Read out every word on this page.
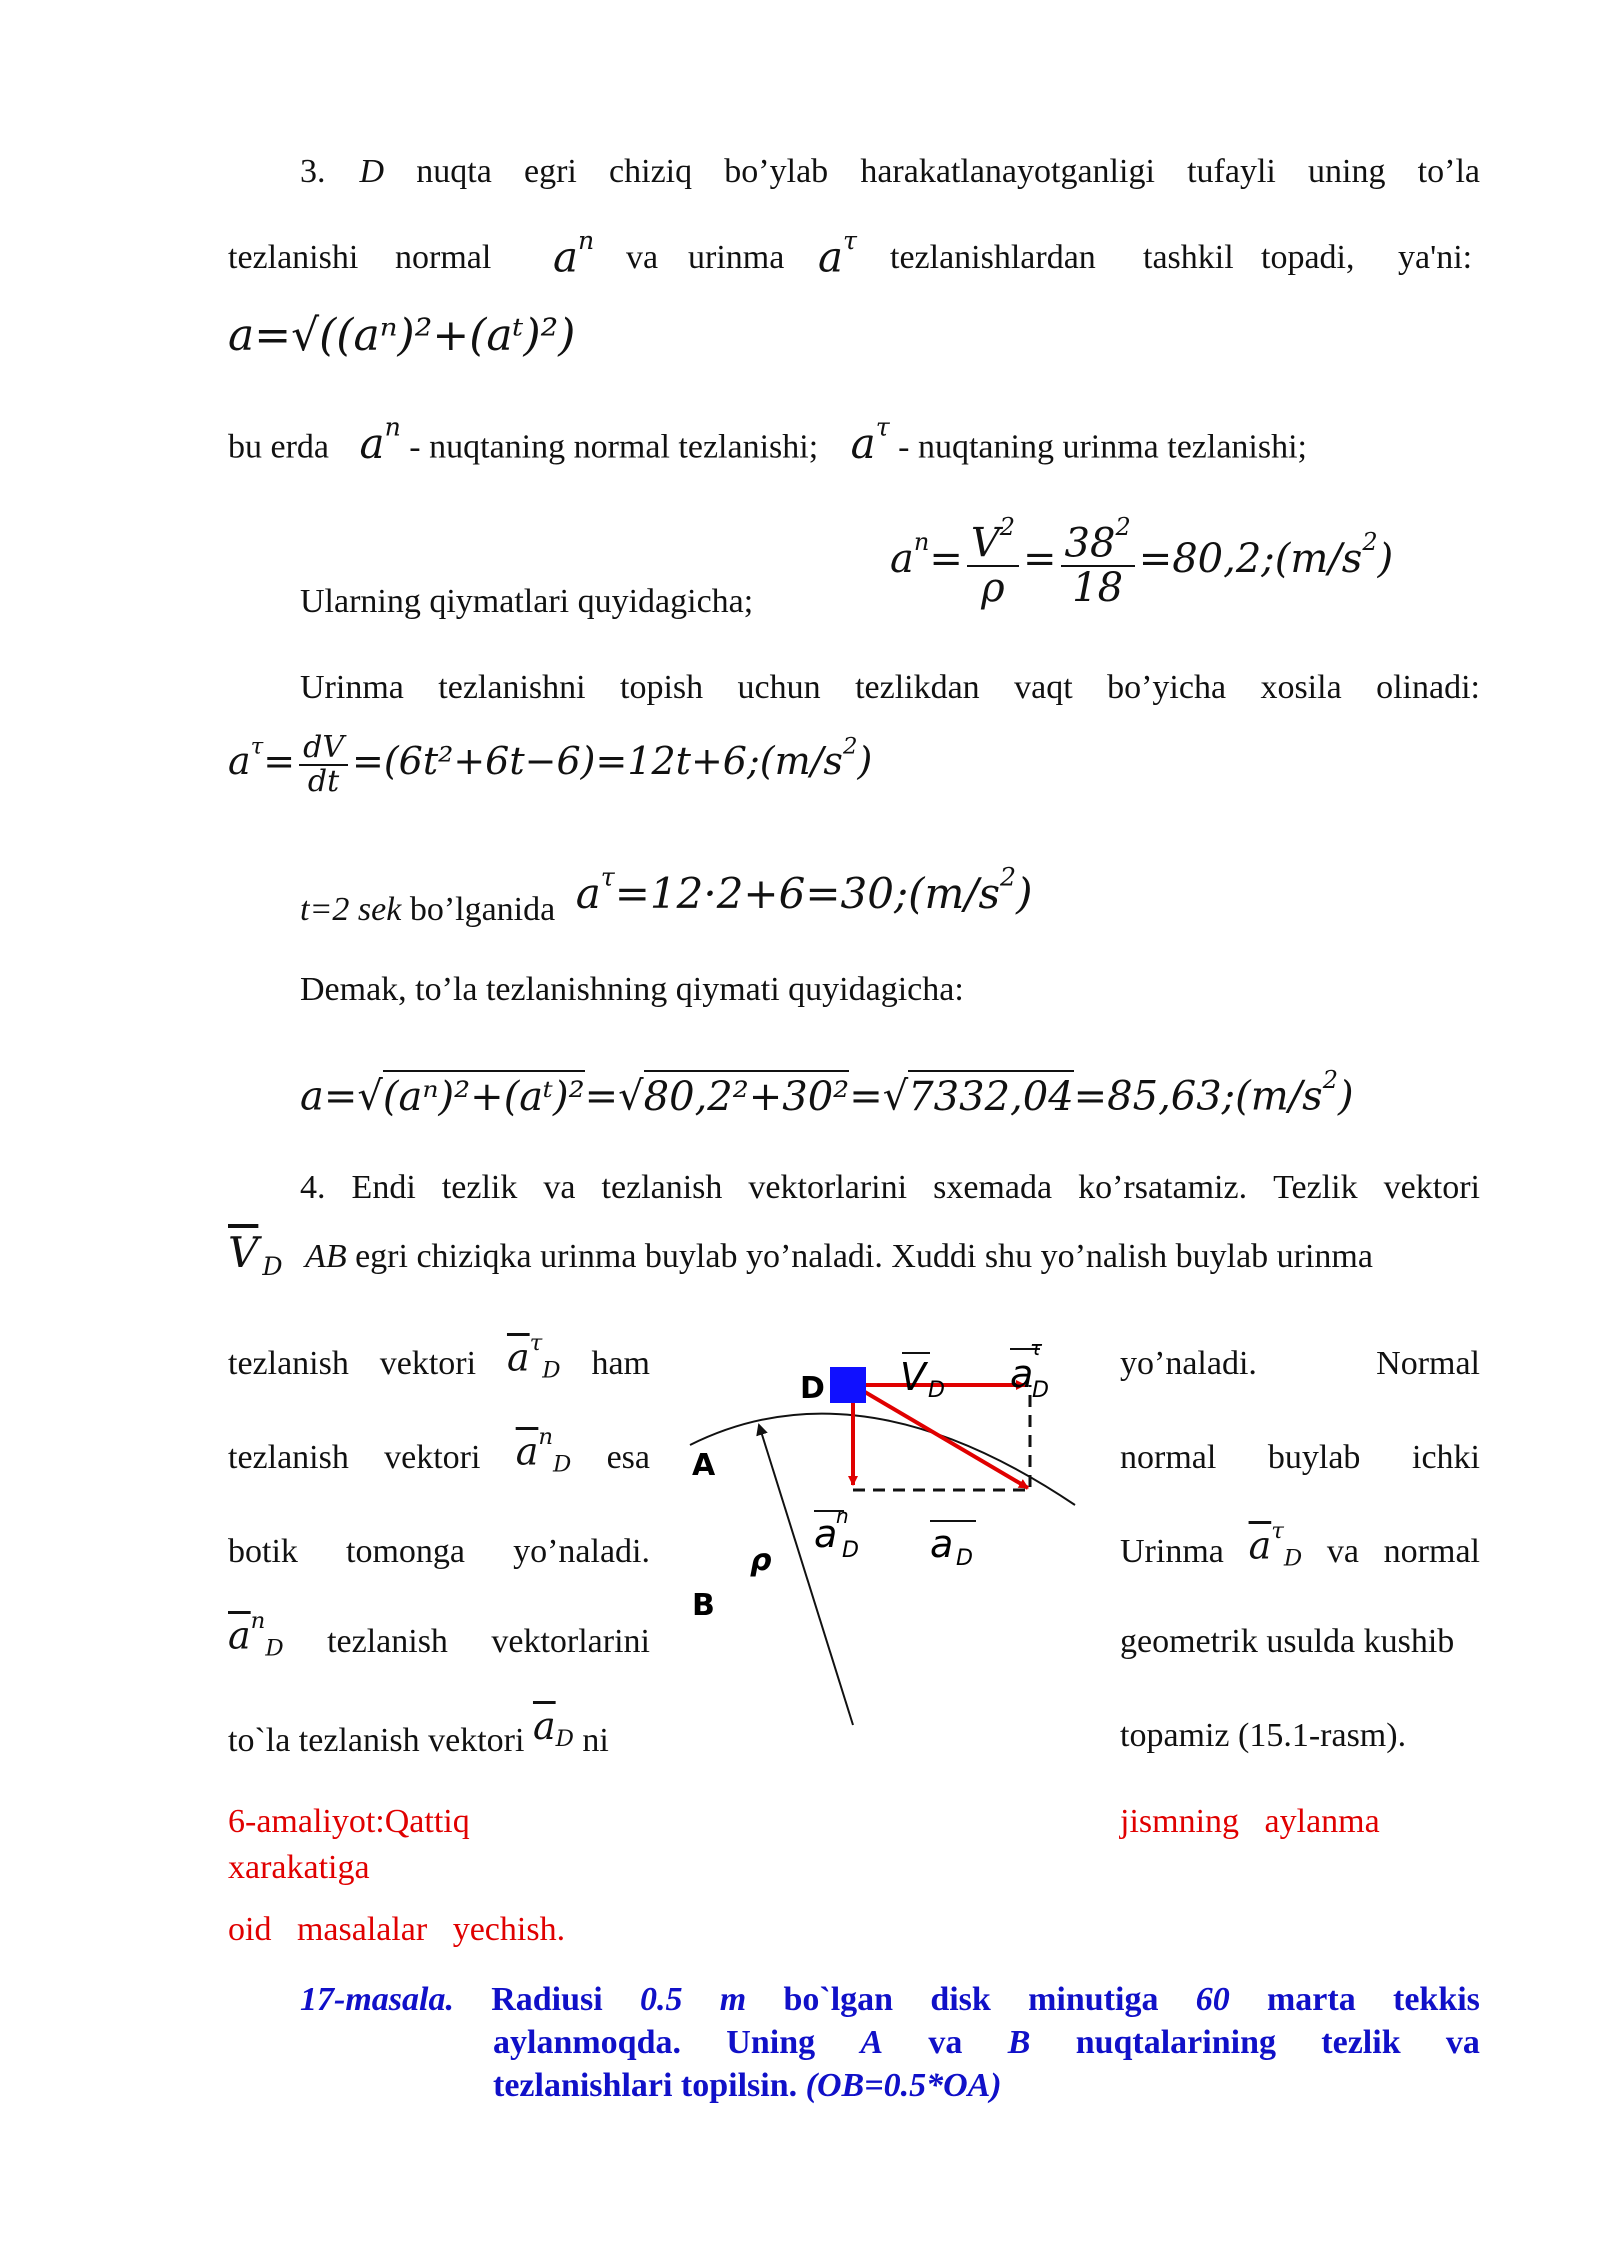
3. D nuqta egri chiziq bo’ylab harakatlanayotganligi tufayli uning to’la
tezlanishi normal $a^n$ va urinma $a^\tau$ tezlanishlardan tashkil topadi, ya'ni:
a=√((aⁿ)²+(aᵗ)²)
bu erda $a^n$ - nuqtaning normal tezlanishi; $a^\tau$ - nuqtaning urinma tezlanishi;
Ularning qiymatlari quyidagicha;
$a^n= \frac{V^2}{\rho} = \frac{38^2}{18}$ $=80,2;(m/s^2)$
Urinma tezlanishni topish uchun tezlikdan vaqt bo’yicha xosila olinadi:
$a^\tau= \frac{dV}{dt}$ $=(6t^2+6t-6)=12t+6;(m/s^2)$
t=2 sek bo’lganida $a^\tau=12\cdot 2+6=30;(m/s^2)$
Demak, to’la tezlanishning qiymati quyidagicha:
$a=√(a^n)^2+(aᵗ)^2=√80,2^2+30^2=√7332,04=85,63;(m/s^2)$
4. Endi tezlik va tezlanish vektorlarini sxemada ko’rsatamiz. Tezlik vektori
$\overline{V}$ $_D$ AB egri chiziqka urinma buylab yo’naladi. Xuddi shu yo’nalish buylab urinma
tezlanish vektori $\overline{a}^\tau_D$ ham
tezlanish vektori $\overline{a}^n_D$ esa
botik tomonga yo’naladi.
$\overline{a}^n_D$ tezlanish vektorlarini
to`la tezlanish vektori $\overline{a}_D$ ni
yo’naladi.	Normal
normal buylab ichki
Urinma $\overline{a}^\tau_D$ va normal
geometrik usulda kushib
topamiz (15.1-rasm).
D
A
B
ρ
V D a
τ
D
a
n
D a D
6-amaliyot:Qattiq
xarakatiga
jismning aylanma
oid masalalar yechish.
17-masala. Radiusi 0.5 m bo`lgan disk minutiga 60 marta tekkis
aylanmoqda. Uning A va B nuqtalarining tezlik va
tezlanishlari topilsin. (OB=0.5*OA)
